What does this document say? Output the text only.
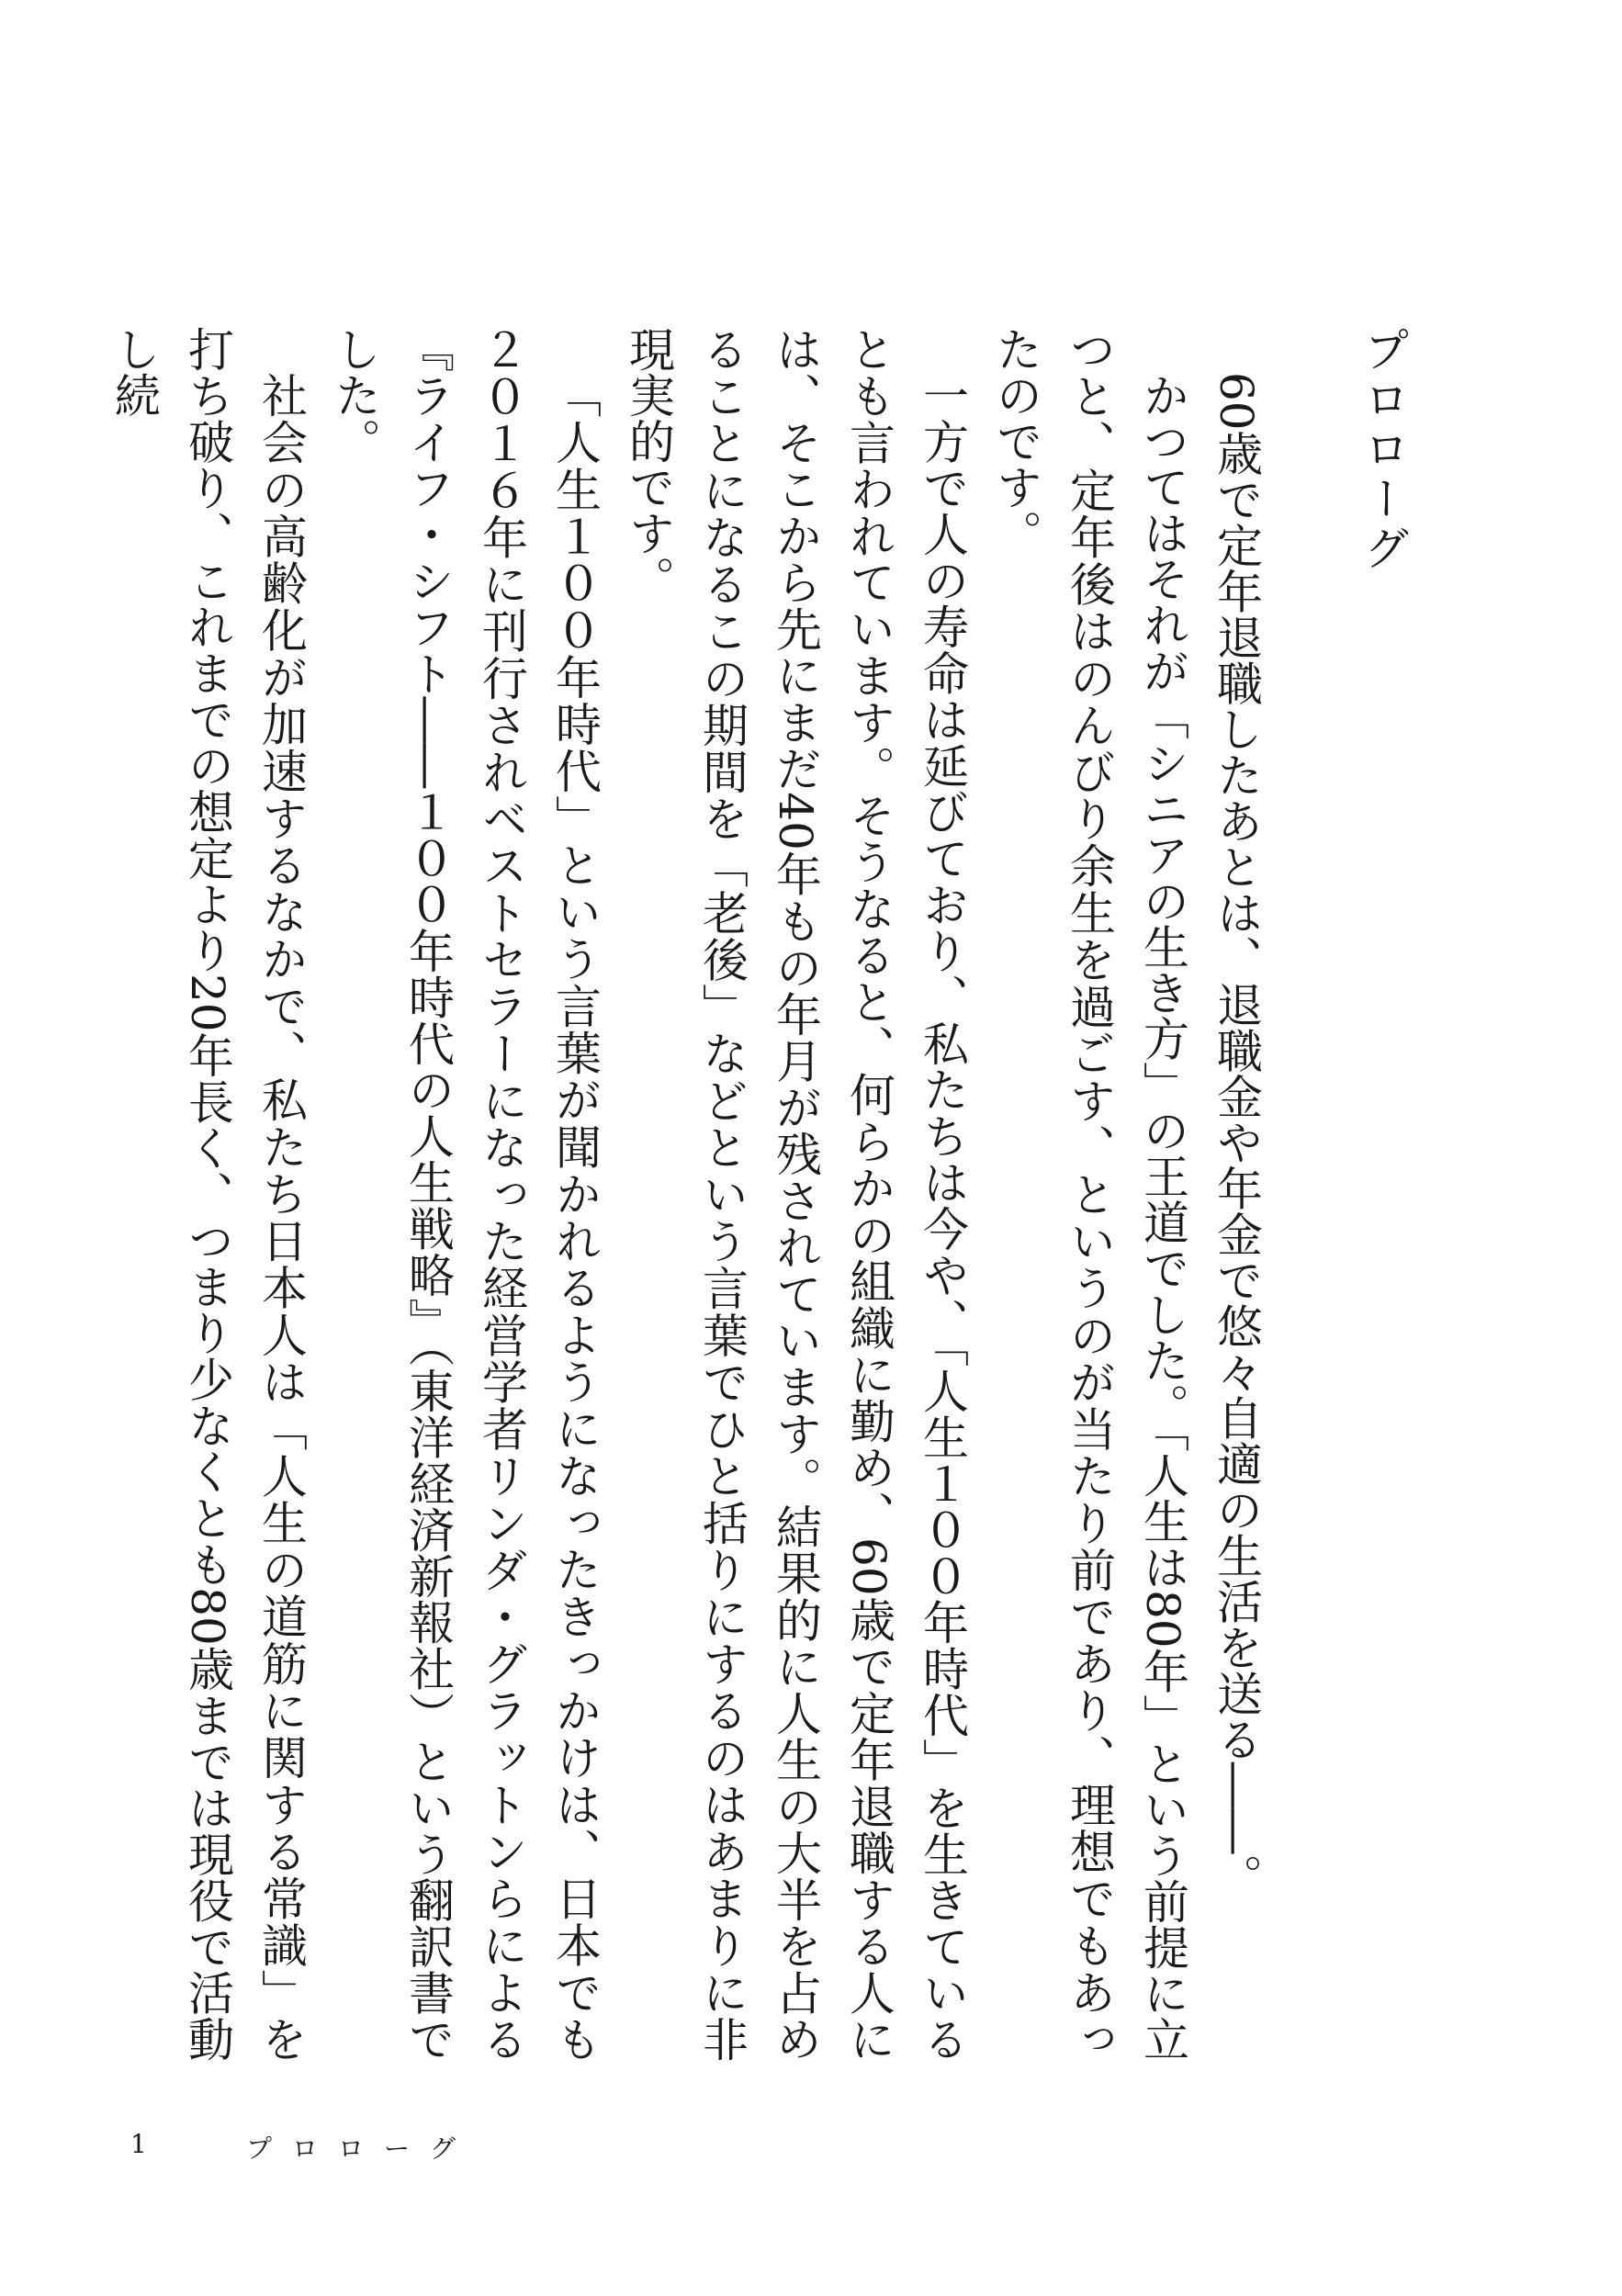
プロローグ

60歳で定年退職したあとは、退職金や年金で悠々自適の生活を送る――。

かつてはそれが「シニアの生き方」の王道でした。「人生は80年」という前提に立つと、定年後はのんびり余生を過ごす、というのが当たり前であり、理想でもあったのです。

一方で人の寿命は延びており、私たちは今や、「人生１００年時代」を生きているとも言われています。そうなると、何らかの組織に勤め、60歳で定年退職する人には、そこから先にまだ40年もの年月が残されています。結果的に人生の大半を占めることになるこの期間を「老後」などという言葉でひと括りにするのはあまりに非現実的です。

「人生１００年時代」という言葉が聞かれるようになったきっかけは、日本でも２０１６年に刊行されベストセラーになった経営学者リンダ・グラットンらによる『ライフ・シフト――１００年時代の人生戦略』（東洋経済新報社）という翻訳書でした。

社会の高齢化が加速するなかで、私たち日本人は「人生の道筋に関する常識」を打ち破り、これまでの想定より20年長く、つまり少なくとも80歳までは現役で活動し続

1	プロローグ
